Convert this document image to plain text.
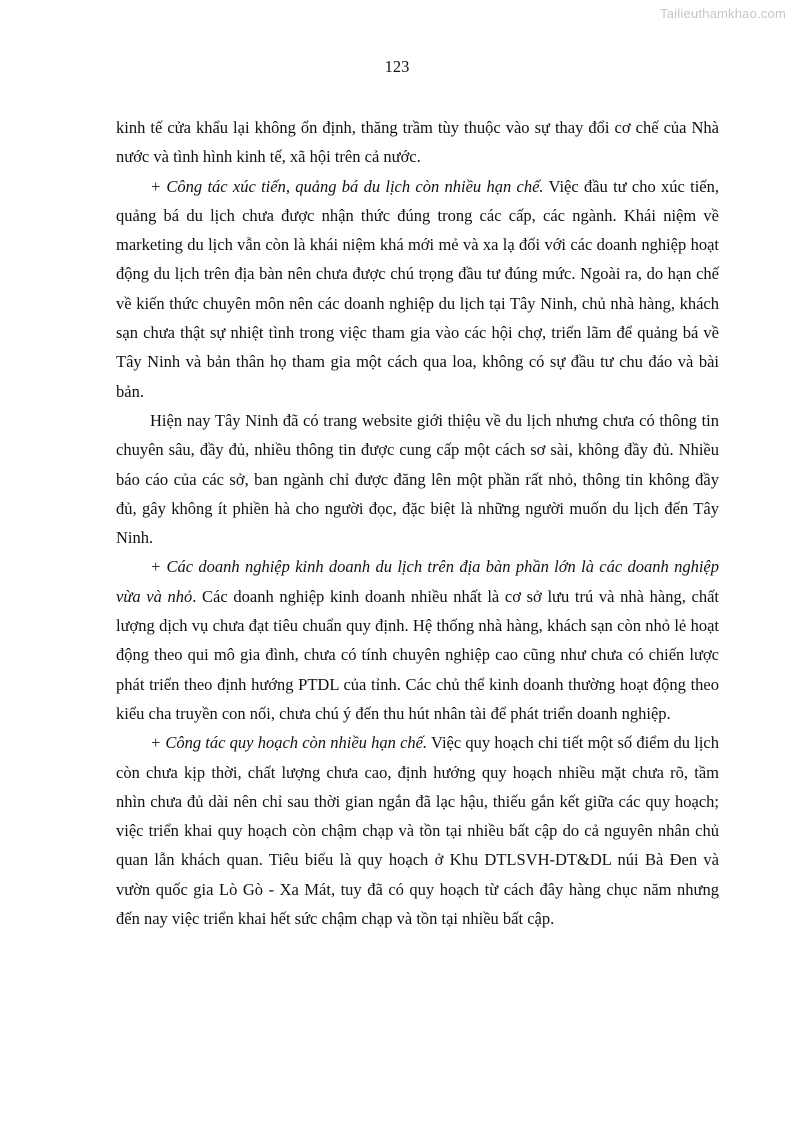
Tailieuthamkhao.com
123

kinh tế cửa khẩu lại không ổn định, thăng trầm tùy thuộc vào sự thay đổi cơ chế của Nhà nước và tình hình kinh tế, xã hội trên cả nước.

+ Công tác xúc tiến, quảng bá du lịch còn nhiều hạn chế. Việc đầu tư cho xúc tiến, quảng bá du lịch chưa được nhận thức đúng trong các cấp, các ngành. Khái niệm về marketing du lịch vẫn còn là khái niệm khá mới mẻ và xa lạ đối với các doanh nghiệp hoạt động du lịch trên địa bàn nên chưa được chú trọng đầu tư đúng mức. Ngoài ra, do hạn chế về kiến thức chuyên môn nên các doanh nghiệp du lịch tại Tây Ninh, chủ nhà hàng, khách sạn chưa thật sự nhiệt tình trong việc tham gia vào các hội chợ, triển lãm để quảng bá về Tây Ninh và bản thân họ tham gia một cách qua loa, không có sự đầu tư chu đáo và bài bản.

Hiện nay Tây Ninh đã có trang website giới thiệu về du lịch nhưng chưa có thông tin chuyên sâu, đầy đủ, nhiều thông tin được cung cấp một cách sơ sài, không đầy đủ. Nhiều báo cáo của các sở, ban ngành chỉ được đăng lên một phần rất nhỏ, thông tin không đầy đủ, gây không ít phiền hà cho người đọc, đặc biệt là những người muốn du lịch đến Tây Ninh.

+ Các doanh nghiệp kinh doanh du lịch trên địa bàn phần lớn là các doanh nghiệp vừa và nhỏ. Các doanh nghiệp kinh doanh nhiều nhất là cơ sở lưu trú và nhà hàng, chất lượng dịch vụ chưa đạt tiêu chuẩn quy định. Hệ thống nhà hàng, khách sạn còn nhỏ lẻ hoạt động theo qui mô gia đình, chưa có tính chuyên nghiệp cao cũng như chưa có chiến lược phát triển theo định hướng PTDL của tỉnh. Các chủ thể kinh doanh thường hoạt động theo kiểu cha truyền con nối, chưa chú ý đến thu hút nhân tài để phát triển doanh nghiệp.

+ Công tác quy hoạch còn nhiều hạn chế. Việc quy hoạch chi tiết một số điểm du lịch còn chưa kịp thời, chất lượng chưa cao, định hướng quy hoạch nhiều mặt chưa rõ, tầm nhìn chưa đủ dài nên chỉ sau thời gian ngắn đã lạc hậu, thiếu gắn kết giữa các quy hoạch; việc triển khai quy hoạch còn chậm chạp và tồn tại nhiều bất cập do cả nguyên nhân chủ quan lẫn khách quan. Tiêu biểu là quy hoạch ở Khu DTLSVH-DT&DL núi Bà Đen và vườn quốc gia Lò Gò - Xa Mát, tuy đã có quy hoạch từ cách đây hàng chục năm nhưng đến nay việc triển khai hết sức chậm chạp và tồn tại nhiều bất cập.
